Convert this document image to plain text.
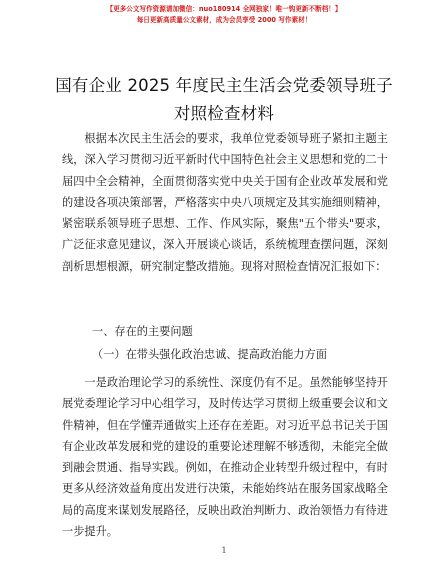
【更多公文写作资源请加微信：nuo180914 全网独家！唯一钩更新不断档！】
每日更新高质量公文素材，成为会员享受 2000 写作素材！
国有企业 2025 年度民主生活会党委领导班子对照检查材料

根据本次民主生活会的要求，我单位党委领导班子紧扣主题主线，深入学习贯彻习近平新时代中国特色社会主义思想和党的二十届四中全会精神，全面贯彻落实党中央关于国有企业改革发展和党的建设各项决策部署，严格落实中央八项规定及其实施细则精神，紧密联系领导班子思想、工作、作风实际，聚焦"五个带头"要求，广泛征求意见建议，深入开展谈心谈话，系统梳理查摆问题，深刻剖析思想根源，研究制定整改措施。现将对照检查情况汇报如下：

一、存在的主要问题

（一）在带头强化政治忠诚、提高政治能力方面

一是政治理论学习的系统性、深度仍有不足。虽然能够坚持开展党委理论学习中心组学习，及时传达学习贯彻上级重要会议和文件精神，但在学懂弄通做实上还存在差距。对习近平总书记关于国有企业改革发展和党的建设的重要论述理解不够透彻，未能完全做到融会贯通、指导实践。例如，在推动企业转型升级过程中，有时更多从经济效益角度出发进行决策，未能始终站在服务国家战略全局的高度来谋划发展路径，反映出政治判断力、政治领悟力有待进一步提升。

1
